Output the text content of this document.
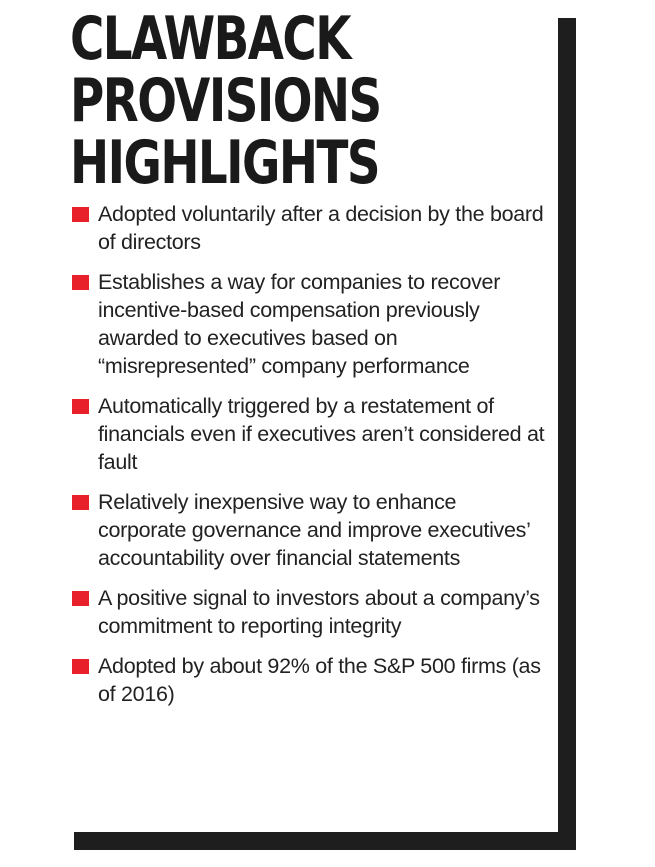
CLAWBACK
PROVISIONS
HIGHLIGHTS
Adopted voluntarily after a decision by the board of directors
Establishes a way for companies to recover incentive-based compensation previously awarded to executives based on “misrepresented” company performance
Automatically triggered by a restatement of financials even if executives aren’t considered at fault
Relatively inexpensive way to enhance corporate governance and improve executives’ accountability over financial statements
A positive signal to investors about a company’s commitment to reporting integrity
Adopted by about 92% of the S&P 500 firms (as of 2016)
